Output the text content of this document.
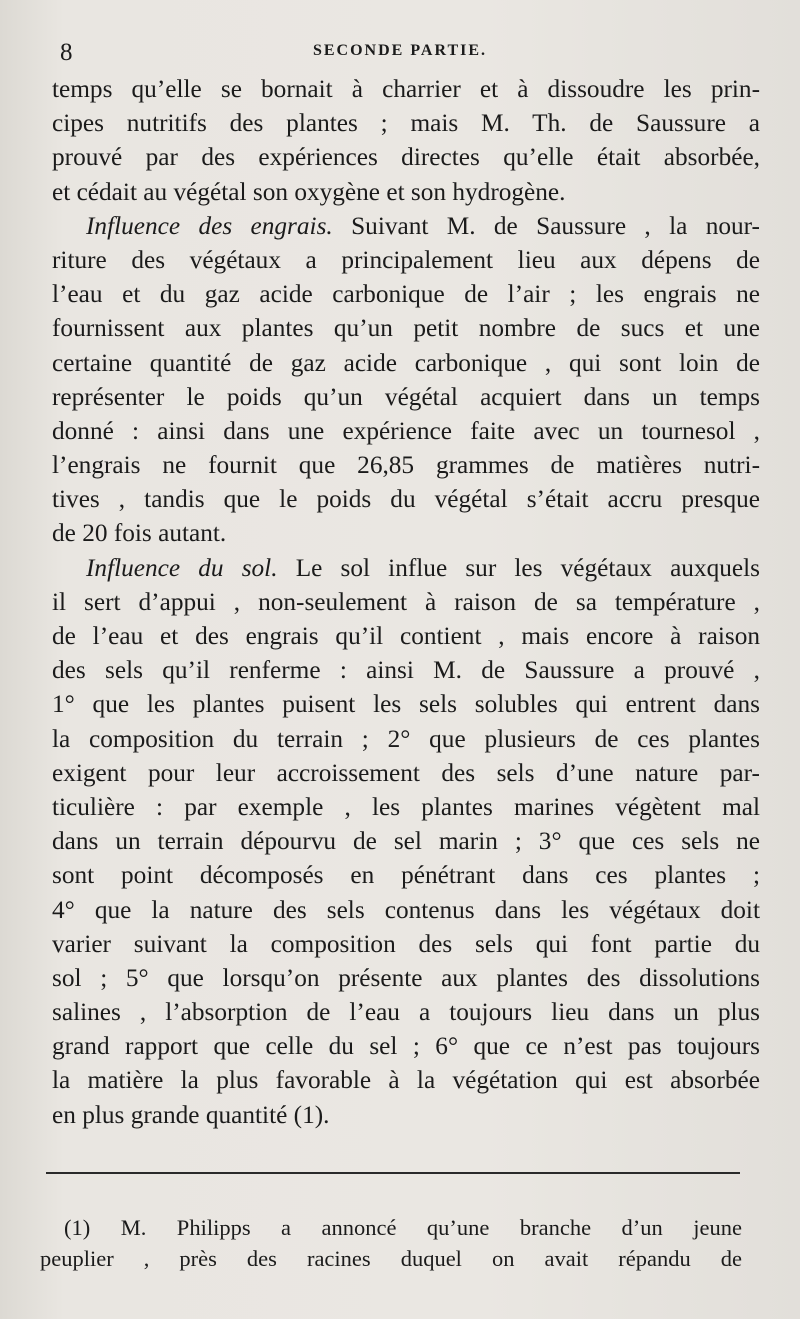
8	SECONDE PARTIE.
temps qu’elle se bornait à charrier et à dissoudre les prin-
cipes nutritifs des plantes ; mais M. Th. de Saussure a
prouvé par des expériences directes qu’elle était absorbée,
et cédait au végétal son oxygène et son hydrogène.
Influence des engrais. Suivant M. de Saussure , la nour-
riture des végétaux a principalement lieu aux dépens de
l’eau et du gaz acide carbonique de l’air ; les engrais ne
fournissent aux plantes qu’un petit nombre de sucs et une
certaine quantité de gaz acide carbonique , qui sont loin de
représenter le poids qu’un végétal acquiert dans un temps
donné : ainsi dans une expérience faite avec un tournesol ,
l’engrais ne fournit que 26,85 grammes de matières nutri-
tives , tandis que le poids du végétal s’était accru presque
de 20 fois autant.
Influence du sol. Le sol influe sur les végétaux auxquels
il sert d’appui , non-seulement à raison de sa température ,
de l’eau et des engrais qu’il contient , mais encore à raison
des sels qu’il renferme : ainsi M. de Saussure a prouvé ,
1° que les plantes puisent les sels solubles qui entrent dans
la composition du terrain ; 2° que plusieurs de ces plantes
exigent pour leur accroissement des sels d’une nature par-
ticulière : par exemple , les plantes marines végètent mal
dans un terrain dépourvu de sel marin ; 3° que ces sels ne
sont point décomposés en pénétrant dans ces plantes ;
4° que la nature des sels contenus dans les végétaux doit
varier suivant la composition des sels qui font partie du
sol ; 5° que lorsqu’on présente aux plantes des dissolutions
salines , l’absorption de l’eau a toujours lieu dans un plus
grand rapport que celle du sel ; 6° que ce n’est pas toujours
la matière la plus favorable à la végétation qui est absorbée
en plus grande quantité (1).
(1) M. Philipps a annoncé qu’une branche d’un jeune
peuplier , près des racines duquel on avait répandu de
